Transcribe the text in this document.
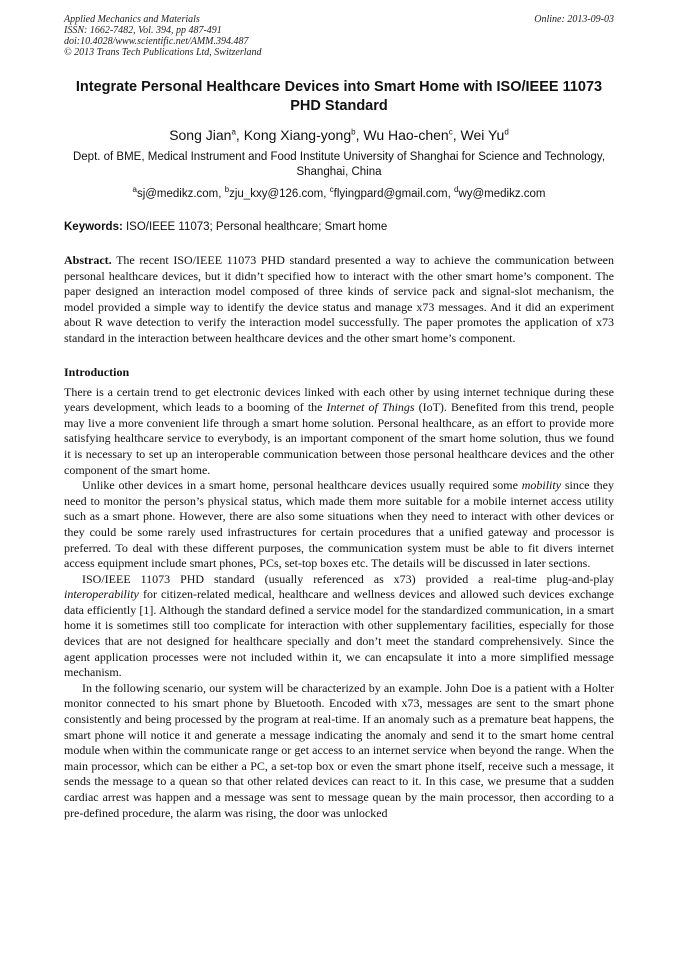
Applied Mechanics and Materials
ISSN: 1662-7482, Vol. 394, pp 487-491
doi:10.4028/www.scientific.net/AMM.394.487
© 2013 Trans Tech Publications Ltd, Switzerland
Online: 2013-09-03
Integrate Personal Healthcare Devices into Smart Home with ISO/IEEE 11073 PHD Standard
Song Jian$^a$, Kong Xiang-yong$^b$, Wu Hao-chen$^c$, Wei Yu$^d$
Dept. of BME, Medical Instrument and Food Institute University of Shanghai for Science and Technology, Shanghai, China
$^a$sj@medikz.com, $^b$zju_kxy@126.com, $^c$flyingpard@gmail.com, $^d$wy@medikz.com
Keywords: ISO/IEEE 11073; Personal healthcare; Smart home
Abstract. The recent ISO/IEEE 11073 PHD standard presented a way to achieve the communication between personal healthcare devices, but it didn’t specified how to interact with the other smart home’s component. The paper designed an interaction model composed of three kinds of service pack and signal-slot mechanism, the model provided a simple way to identify the device status and manage x73 messages. And it did an experiment about R wave detection to verify the interaction model successfully. The paper promotes the application of x73 standard in the interaction between healthcare devices and the other smart home’s component.
Introduction
There is a certain trend to get electronic devices linked with each other by using internet technique during these years development, which leads to a booming of the Internet of Things (IoT). Benefited from this trend, people may live a more convenient life through a smart home solution. Personal healthcare, as an effort to provide more satisfying healthcare service to everybody, is an important component of the smart home solution, thus we found it is necessary to set up an interoperable communication between those personal healthcare devices and the other component of the smart home.
Unlike other devices in a smart home, personal healthcare devices usually required some mobility since they need to monitor the person’s physical status, which made them more suitable for a mobile internet access utility such as a smart phone. However, there are also some situations when they need to interact with other devices or they could be some rarely used infrastructures for certain procedures that a unified gateway and processor is preferred. To deal with these different purposes, the communication system must be able to fit divers internet access equipment include smart phones, PCs, set-top boxes etc. The details will be discussed in later sections.
ISO/IEEE 11073 PHD standard (usually referenced as x73) provided a real-time plug-and-play interoperability for citizen-related medical, healthcare and wellness devices and allowed such devices exchange data efficiently [1]. Although the standard defined a service model for the standardized communication, in a smart home it is sometimes still too complicate for interaction with other supplementary facilities, especially for those devices that are not designed for healthcare specially and don’t meet the standard comprehensively. Since the agent application processes were not included within it, we can encapsulate it into a more simplified message mechanism.
In the following scenario, our system will be characterized by an example. John Doe is a patient with a Holter monitor connected to his smart phone by Bluetooth. Encoded with x73, messages are sent to the smart phone consistently and being processed by the program at real-time. If an anomaly such as a premature beat happens, the smart phone will notice it and generate a message indicating the anomaly and send it to the smart home central module when within the communicate range or get access to an internet service when beyond the range. When the main processor, which can be either a PC, a set-top box or even the smart phone itself, receive such a message, it sends the message to a quean so that other related devices can react to it. In this case, we presume that a sudden cardiac arrest was happen and a message was sent to message quean by the main processor, then according to a pre-defined procedure, the alarm was rising, the door was unlocked
